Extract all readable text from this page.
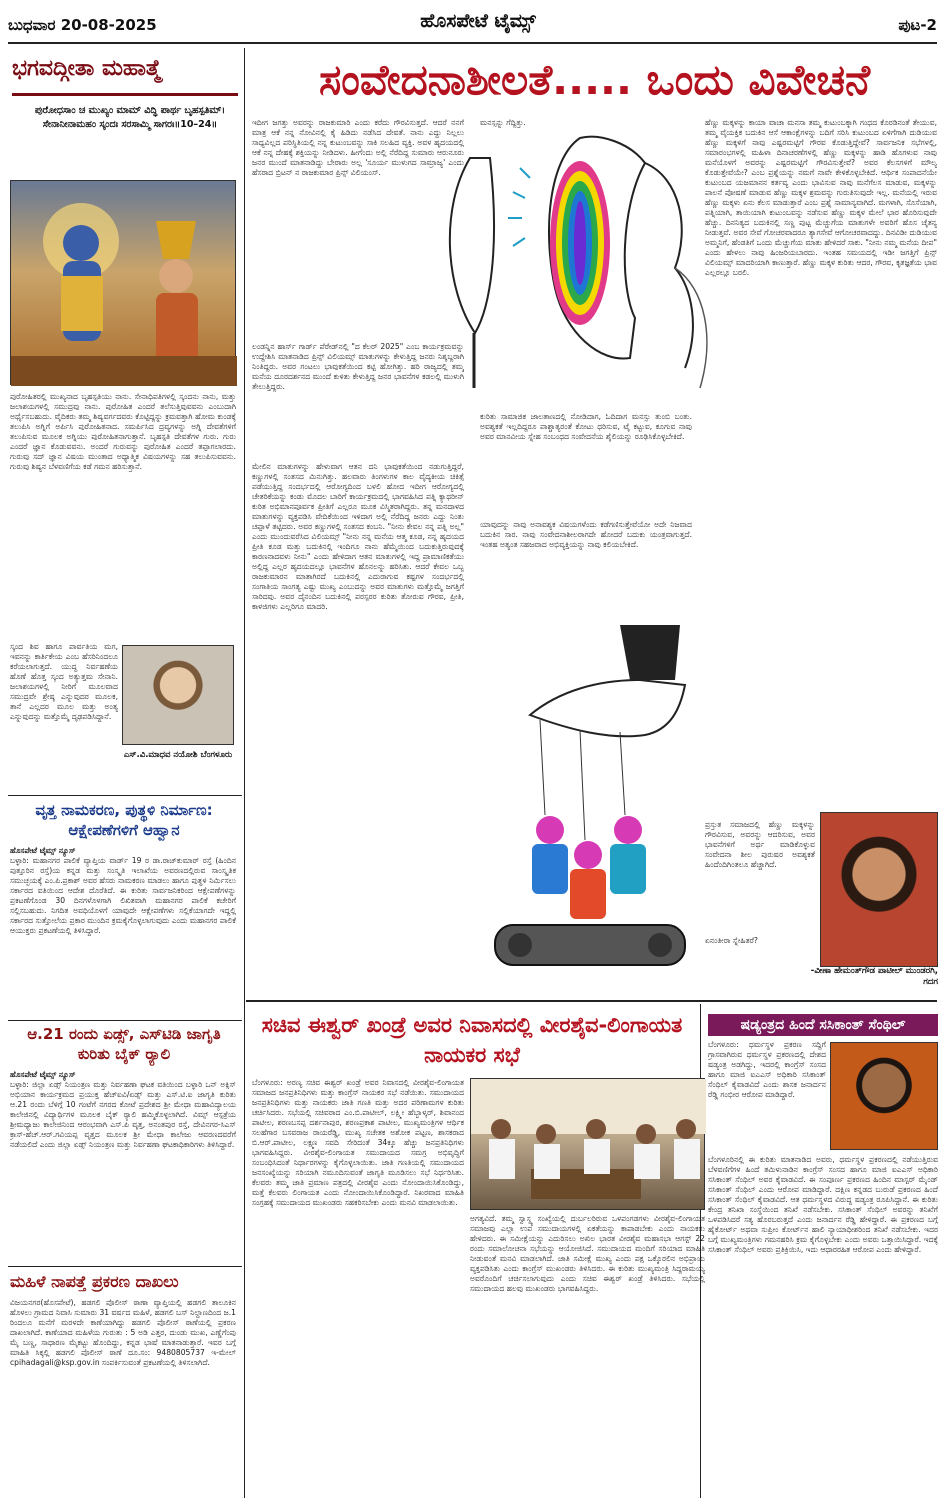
ಬುಧವಾರ 20-08-2025	ಹೊಸಪೇಟೆ ಟೈಮ್ಸ್	ಪುಟ-2
ಭಗವದ್ಗೀತಾ ಮಹಾತ್ಮೆ
ಪುರೋಧಸಾಂ ಚ ಮುಖ್ಯಂ ಮಾಮ್ ವಿದ್ಧಿ ಪಾರ್ಥ ಬೃಹಸ್ಪತಿಮ್। ಸೇನಾನೀನಾಮಹಂ ಸ್ಕಂದಃ ಸರಸಾಮ್ಮಿ ಸಾಗರಃ॥10–24॥
ಪುರೋಹಿತರಲ್ಲಿ ಮುಖ್ಯನಾದ ಬೃಹಸ್ಪತಿಯು ನಾನು. ಸೇನಾಧಿಪತಿಗಳಲ್ಲಿ ಸ್ಕಂದನು ನಾನು, ಮತ್ತು ಜಲಾಶಯಗಳಲ್ಲಿ ಸಮುದ್ರವು ನಾನು. ಪುರೋಹಿತ ಎಂದರೆ ತಲೆಸುತ್ತಿವುವವನು ಎಂಬುದಾಗಿ ಅರ್ಥೈಸಬಹುದು. ವೈದಿಕರು ತಮ್ಮ ಶಿಷ್ಯವರ್ಗದವರು ಕೊಟ್ಟಿದ್ದನ್ನು ಕ್ರಮವತ್ತಾಗಿ ಹೋಮ ಕುಂಡಕ್ಕೆ ತಲುಪಿಸಿ ಅಗ್ನಿಗೆ ಅರ್ಪಿಸಿ ಪುರೋಹಿತನಾದ. ಸಮರ್ಪಿಸಿದ ದ್ರವ್ಯಗಳನ್ನು ಅಗ್ನಿ ದೇವತೆಗಳಿಗೆ ತಲುಪಿಸುವ ಮೂಲಕ ಅಗ್ನಿಯು ಪುರೋಹಿತನಾಗುತ್ತಾನೆ. ಬೃಹಸ್ಪತಿ ದೇವತೆಗಳ ಗುರು. ಗುರು ಎಂದರೆ ಜ್ಞಾನ ಕೊಡುವವನು. ಅಂದರೆ ಗುರುವನ್ನು ಪುರೋಹಿತ ಎಂದರೆ ತಪ್ಪಾಗಲಾರದು. ಗುರುವು ಸದ್ ಜ್ಞಾನ ವಿಷಯ ಮುಂತಾದ ಅಧ್ಯಾತ್ಮಿಕ ವಿಷಯಗಳನ್ನು ಸಹ ತಲುಪಿಸುವವನು. ಗುರುವು ಶಿಷ್ಯನ ಬೆಳವಣಿಗೆಯ ಕಡೆ ಗಮನ ಹರಿಸುತ್ತಾನೆ.
ಸ್ಕಂದ ಶಿವ ಹಾಗೂ ಪಾರ್ವತಿಯ ಮಗ, ಇವನನ್ನು ಕಾರ್ತಿಕೇಯ ಎಂಬ ಹೆಸರಿನಿಂದಲೂ ಕರೆಯಲಾಗುತ್ತದೆ. ಯುದ್ಧ ನಿರ್ವಹಣೆಯ ಹೊಣೆ ಹೊತ್ತ ಸ್ಕಂದ ಅತ್ಯುತ್ತಮ ಸೇನಾನಿ. ಜಲಾಶಯಗಳಲ್ಲಿ ನೀರಿಗೆ ಮೂಲವಾದ ಸಮುದ್ರವೇ ಶ್ರೇಷ್ಠ ಎನ್ನುವುದರ ಮೂಲಕ, ತಾನೆ ಎಲ್ಲದರ ಮೂಲ ಮತ್ತು ಅಂತ್ಯ ಎನ್ನುವುದನ್ನು ಮತ್ತೊಮ್ಮೆ ದೃಢಪಡಿಸಿದ್ದಾನೆ.
ಎಸ್.ವಿ.ಮಾಧವ ನಯೋಶಿ ಬೆಂಗಳೂರು
ವೃತ್ತ ನಾಮಕರಣ, ಪುತ್ಥಳಿ ನಿರ್ಮಾಣ: ಆಕ್ಷೇಪಣೆಗಳಿಗೆ ಆಹ್ವಾನ
ಹೊಸಪೇಟೆ ಟೈಮ್ಸ್ ನ್ಯೂಸ್
ಬಳ್ಳಾರಿ: ಮಹಾನಗರ ಪಾಲಿಕೆ ವ್ಯಾಪ್ತಿಯ ವಾರ್ಡ್ 19 ರ ಡಾ.ರಾಜ್‌ಕುಮಾರ್ ರಸ್ತೆ (ಹಿಂದಿನ ಪುತ್ತೂರಿನ ರಸ್ತೆ)ಯ ಕನ್ನಡ ಮತ್ತು ಸಂಸ್ಕೃತಿ ಇಲಾಖೆಯ ಅವರಣದಲ್ಲಿರುವ ಸಾಂಸ್ಕೃತಿಕ ಸಮುಚ್ಛಯಕ್ಕೆ ಎಂ.ಪಿ.ಪ್ರಕಾಶ್ ಅವರ ಹೆಸರು ನಾಮಕರಣ ಮಾಡಲು ಹಾಗೂ ಪುತ್ಥಳಿ ನಿರ್ಮಿಸಲು ಸರ್ಕಾರದ ವತಿಯಿಂದ ಆದೇಶ ದೊರೆತಿದೆ. ಈ ಕುರಿತು ಸಾರ್ವಜನಿಕರಿಂದ ಆಕ್ಷೇಪಣೆಗಳನ್ನು ಪ್ರಕಟಣೆಗೊಂಡ 30 ದಿನಗಳೊಳಗಾಗಿ ಲಿಖಿತವಾಗಿ ಮಹಾನಗರ ಪಾಲಿಕೆ ಕಚೇರಿಗೆ ಸಲ್ಲಿಸಬಹುದು. ನಿಗದಿತ ಅವಧಿಯೊಳಗೆ ಯಾವುದೇ ಆಕ್ಷೇಪಣೆಗಳು ಸಲ್ಲಿಕೆಯಾಗದೇ ಇದ್ದಲ್ಲಿ ಸರ್ಕಾರದ ಸುತ್ತೋಲೆಯ ಪ್ರಕಾರ ಮುಂದಿನ ಕ್ರಮಕೈಗೊಳ್ಳಲಾಗುವುದು ಎಂದು ಮಹಾನಗರ ಪಾಲಿಕೆ ಆಯುಕ್ತರು ಪ್ರಕಟಣೆಯಲ್ಲಿ ತಿಳಿಸಿದ್ದಾರೆ.
ಆ.21 ರಂದು ಏಡ್ಸ್, ಎಸ್‌ಟಿಡಿ ಜಾಗೃತಿ ಕುರಿತು ಬೈಕ್ ರ್‍ಯಾಲಿ
ಹೊಸಪೇಟೆ ಟೈಮ್ಸ್ ನ್ಯೂಸ್
ಬಳ್ಳಾರಿ: ಜಿಲ್ಲಾ ಏಡ್ಸ್ ನಿಯಂತ್ರಣ ಮತ್ತು ನಿರ್ವಹಣಾ ಘಟಕ ವತಿಯಿಂದ ಬಳ್ಳಾರಿ ಒನ್ ಅಕ್ಸಿಸ್ ಅಭಿಯಾನ ಕಾರ್ಯಕ್ರಮದ ಪ್ರಯುಕ್ತ ಹೆಚ್‌ಐವಿ/ಏಡ್ಸ್ ಮತ್ತು ಎಸ್.ಟಿ.ಐ ಜಾಗೃತಿ ಕುರಿತು ಆ.21 ರಂದು ಬೆಳಿಗ್ಗೆ 10 ಗಂಟೆಗೆ ನಗರದ ಕೋಟೆ ಪ್ರದೇಶದ ಶ್ರೀ ಮೇಧಾ ಮಹಾವಿದ್ಯಾಲಯ ಕಾಲೇಜಿನಲ್ಲಿ ವಿದ್ಯಾರ್ಥಿಗಳ ಮೂಲಕ ಬೈಕ್ ರ್‍ಯಾಲಿ ಹಮ್ಮಿಕೊಳ್ಳಲಾಗಿದೆ. ವಿಮ್ಸ್ ಆಸ್ಪತ್ರೆಯ ಶ್ರೀಮಧ್ಯಾಜು ಕಾಲೇಜಿನಿಂದ ಆರಂಭವಾಗಿ ಎಸ್.ಪಿ ವೃತ್ತ, ಅನಂತಪುರ ರಸ್ತೆ, ದೇವಿನಗರ-ಸಿಎಸ್ ಕ್ರಾಸ್-ಹೆಚ್.ಆರ್.ಗವಿಯಪ್ಪ ವೃತ್ತದ ಮೂಲಕ ಶ್ರೀ ಮೇಧಾ ಕಾಲೇಜು ಆವರಣದವರೆಗೆ ನಡೆಯಲಿದೆ ಎಂದು ಜಿಲ್ಲಾ ಏಡ್ಸ್ ನಿಯಂತ್ರಣ ಮತ್ತು ನಿರ್ವಹಣಾ ಘಟಕಾಧಿಕಾರಿಗಳು ತಿಳಿಸಿದ್ದಾರೆ.
ಮಹಿಳೆ ನಾಪತ್ತೆ ಪ್ರಕರಣ ದಾಖಲು
ವಿಜಯನಗರ(ಹೊಸಪೇಟೆ), ಹಡಗಲಿ ಪೊಲೀಸ್ ಠಾಣಾ ವ್ಯಾಪ್ತಿಯಲ್ಲಿ ಹಡಗಲಿ ತಾಲೂಕಿನ ಹೊಳಲು ಗ್ರಾಮದ ನಿವಾಸಿ ಸುಮಾರು 31 ವರ್ಷದ ಮಹಿಳೆ, ಹಡಗಲಿ ಬಸ್ ನಿಲ್ದಾಣದಿಂದ ಜ.1 ರಿಂದಲೂ ಮನೆಗೆ ಮರಳದೇ ಕಾಣೆಯಾಗಿದ್ದು ಹಡಗಲಿ ಪೊಲೀಸ್ ಠಾಣೆಯಲ್ಲಿ ಪ್ರಕರಣ ದಾಖಲಾಗಿದೆ. ಕಾಣೆಯಾದ ಮಹಿಳೆಯ ಗುರುತು : 5 ಅಡಿ ಎತ್ತರ, ದುಂಡು ಮುಖ, ಎಣ್ಣೆಗೆಂಪು ಮೈ ಬಣ್ಣ, ಸಾಧಾರಣ ಮೈಕಟ್ಟು ಹೊಂದಿದ್ದು, ಕನ್ನಡ ಭಾಷೆ ಮಾತನಾಡುತ್ತಾರೆ. ಇವರ ಬಗ್ಗೆ ಮಾಹಿತಿ ಸಿಕ್ಕಲ್ಲಿ ಹಡಗಲಿ ಪೊಲೀಸ್ ಠಾಣೆ ದೂ.ಸಂ: 9480805737 ಇ-ಮೇಲ್ cpihadagali@ksp.gov.in ಸಂಪರ್ಕಿಸುವಂತೆ ಪ್ರಕಟಣೆಯಲ್ಲಿ ತಿಳಿಸಲಾಗಿದೆ.
ಸಂವೇದನಾಶೀಲತೆ..... ಒಂದು ವಿವೇಚನೆ
ಇದೀಗ ಜಗತ್ತು ಅವರನ್ನು ರಾಜಕುಮಾರಿ ಎಂದು ಕರೆದು ಗೌರವಿಸುತ್ತದೆ. ಆದರೆ ನನಗೆ ಮಾತ್ರ ಆಕೆ ನನ್ನ ನೋವಿನಲ್ಲಿ ಕೈ ಹಿಡಿದು ನಡೆಸಿದ ದೇವತೆ. ನಾನು ಎದ್ದು ನಿಲ್ಲಲು ಸಾಧ್ಯವಿಲ್ಲದ ಪರಿಸ್ಥಿತಿಯಲ್ಲಿ ನನ್ನ ಕುಟುಂಬವನ್ನು ಸಾಕಿ ಸಲಹಿದ ವ್ಯಕ್ತಿ. ಅವಳ ಹೃದಯದಲ್ಲಿ ಆಕೆ ನನ್ನ ದೇಹಕ್ಕೆ ಶಕ್ತಿಯನ್ನು ನೀಡಿದಳು. ಹೀಗೆಂದು ಅಲ್ಲಿ ನೆರೆದಿದ್ದ ಸುಮಾರು ಆರುನೂರು ಜನರ ಮುಂದೆ ಮಾತನಾಡಿದ್ದು ಬೇರಾರು ಅಲ್ಲ 'ಸೂರ್ಯ ಮುಳುಗದ ಸಾಮ್ರಾಜ್ಯ' ಎಂದು ಹೆಸರಾದ ಬ್ರಿಟನ್ ನ ರಾಜಕುಮಾರ ಪ್ರಿನ್ಸ್ ವಿಲಿಯಂಸ್.
ಲಂಡನ್ನಿನ ಹಾರ್ಸ್ ಗಾರ್ಡ್ ಪೆರೇಡ್‌ನಲ್ಲಿ "ದ ಕೆಲರ್ 2025" ಎಂಬ ಕಾರ್ಯಕ್ರಮವನ್ನು ಉದ್ದೇಶಿಸಿ ಮಾತನಾಡಿದ ಪ್ರಿನ್ಸ್ ವಿಲಿಯಮ್ಸ್ ಮಾತುಗಳನ್ನು ಕೇಳುತ್ತಿದ್ದ ಜನರು ನಿಶ್ಶಬ್ದರಾಗಿ ನಿಂತಿದ್ದರು. ಅವರ ಗಂಟಲು ಭಾವುಕತೆಯಿಂದ ಕಟ್ಟಿ ಹೋಗಿತ್ತು. ಹರಿ ರಾಜ್ಯದಲ್ಲಿ ತಮ್ಮ ಮನೆಯ ದೂರದರ್ಶನದ ಮುಂದೆ ಕುಳಿತು ಕೇಳುತ್ತಿದ್ದ ಜನರ ಭಾವನೆಗಳ ಕಡಲಲ್ಲಿ ಮುಳುಗಿ ತೇಲುತ್ತಿದ್ದರು.
ಮನಸ್ಸನ್ನು ಗೆದ್ದಿತ್ತು.
ಮೇಲಿನ ಮಾತುಗಳನ್ನು ಹೇಳುವಾಗ ಆತನ ದನಿ ಭಾವುಕತೆಯಿಂದ ನಡುಗುತ್ತಿದ್ದರೆ, ಕಣ್ಣುಗಳಲ್ಲಿ ಸಂತಸದ ಮಿನುಗಿತ್ತು. ಹಲವಾರು ತಿಂಗಳುಗಳ ಕಾಲ ವೈದ್ಯಕೀಯ ಚಿಕಿತ್ಸೆ ಪಡೆಯುತ್ತಿದ್ದ ಸಂದರ್ಭದಲ್ಲಿ ಆರೋಗ್ಯದಿಂದ ಬಳಲಿ ಹೋದ ಇದೀಗ ಆರೋಗ್ಯದಲ್ಲಿ ಚೇತರಿಕೆಯನ್ನು ಕಂಡು ಮೊದಲ ಬಾರಿಗೆ ಕಾರ್ಯಕ್ರಮದಲ್ಲಿ ಭಾಗವಹಿಸಿದ ಪತ್ನಿ ಕ್ಯಾಥರೀನ್ ಕುರಿತ ಅಭಿಮಾನಪೂರ್ವಕ ಪ್ರೀತಿಗೆ ಎಲ್ಲರೂ ಮೂಕ ವಿಸ್ಮಿತರಾಗಿದ್ದರು. ತನ್ನ ಮನದಾಳದ ಮಾತುಗಳನ್ನು ವ್ಯಕ್ತಪಡಿಸಿ ವೇದಿಕೆಯಿಂದ ಇಳಿದಾಗ ಅಲ್ಲಿ ನೆರೆದಿದ್ದ ಜನರು ಎದ್ದು ನಿಂತು ಚಪ್ಪಾಳೆ ತಟ್ಟಿದರು. ಅವರ ಕಣ್ಣುಗಳಲ್ಲಿ ಸಂತಸದ ಕಂಬನಿ. "ನೀನು ಕೇವಲ ನನ್ನ ಪತ್ನಿ ಅಲ್ಲ" ಎಂದು ಮುಂದುವರೆಸಿದ ವಿಲಿಯಮ್ಸ್ "ನೀನು ನನ್ನ ಮನೆಯ ಆತ್ಮ ಕೂಡ, ನನ್ನ ಹೃದಯದ ಪ್ರೀತಿ ಕೂಡ ಮತ್ತು ಬದುಕಿನಲ್ಲಿ ಇಂದಿಗೂ ನಾನು ಹೆಮ್ಮೆಯಿಂದ ಬದುಕುತ್ತಿರುವುದಕ್ಕೆ ಕಾರಣನಾದವಳು ನೀನು" ಎಂದು ಹೇಳಿದಾಗ ಆತನ ಮಾತುಗಳಲ್ಲಿ ಇದ್ದ ಪ್ರಾಮಾಣಿಕತೆಯು ಅಲ್ಲಿದ್ದ ಎಲ್ಲರ ಹೃದಯದಲ್ಲೂ ಭಾವನೆಗಳ ಹೊನಲನ್ನು ಹರಿಸಿತು. ಆದರೆ ಕೇವಲ ಒಬ್ಬ ರಾಜಕುಮಾರನ ಮಾತಾಗಿರದೆ ಬದುಕಿನಲ್ಲಿ ಎದುರಾಗುವ ಕಷ್ಟಗಳ ಸಂದರ್ಭದಲ್ಲಿ ಸಂಗಾತಿಯ ಸಾಂಗತ್ಯ ಎಷ್ಟು ಮುಖ್ಯ ಎಂಬುದನ್ನು ಅವರ ಮಾತುಗಳು ಮತ್ತೊಮ್ಮೆ ಜಗತ್ತಿಗೆ ಸಾರಿದವು. ಅವರ ದೈನಂದಿನ ಬದುಕಿನಲ್ಲಿ ಪರಸ್ಪರರ ಕುರಿತು ತೋರುವ ಗೌರವ, ಪ್ರೀತಿ, ಕಾಳಜಿಗಳು ಎಲ್ಲರಿಗೂ ಮಾದರಿ.
ಕುರಿತು ಸಾಮಾಜಿಕ ಜಾಲತಾಣದಲ್ಲಿ ನೋಡಿದಾಗ, ಓದಿದಾಗ ಮನಸ್ಸು ತುಂಬಿ ಬಂತು. ಅವಶ್ಯಕತೆ ಇಲ್ಲದಿದ್ದರೂ ಪಾಶ್ಚಾತ್ಯರಂತೆ ಕೋಟು ಧರಿಸುವ, ಟೈ ಕಟ್ಟುವ, ಕೂಗುವ ನಾವು ಅವರ ಮಾನವೀಯ ಸ್ನೇಹ ಸಂಬಂಧದ ಸಂವೇದನೆಯ ಶೈಲಿಯನ್ನು ರೂಢಿಸಿಕೊಳ್ಳಬೇಕಿದೆ.
ಯಾವುದನ್ನು ನಾವು ಅನಾವಶ್ಯಕ ವಿಷಯಗಳೆಂದು ಕಡೆಗಣಿಸುತ್ತೇವೆಯೋ ಅದೇ ನಿಜವಾದ ಬದುಕಿನ ಸಾರ. ನಾವು ಸಂವೇದನಾಶೀಲರಾಗದೇ ಹೋದರೆ ಬದುಕು ಯಂತ್ರವಾಗುತ್ತದೆ. ಇಂತಹ ಅತ್ಯಂತ ಸಹಜವಾದ ಅಭಿವ್ಯಕ್ತಿಯನ್ನು ನಾವು ಕಲಿಯಬೇಕಿದೆ.
ಹೆಣ್ಣು ಮಕ್ಕಳನ್ನು ಕಾಯಾ ವಾಚಾ ಮನಸಾ ತಮ್ಮ ಕುಟುಂಬಕ್ಕಾಗಿ ಗಂಧದ ಕೊರಡಿನಂತೆ ತೇಯುವ, ತಮ್ಮ ವೈಯಕ್ತಿಕ ಬದುಕಿನ ಆಸೆ ಆಕಾಂಕ್ಷೆಗಳನ್ನು ಬದಿಗೆ ಸರಿಸಿ ಕುಟುಂಬದ ಏಳಿಗೆಗಾಗಿ ದುಡಿಯುವ ಹೆಣ್ಣು ಮಕ್ಕಳಿಗೆ ನಾವು ಎಷ್ಟರಮಟ್ಟಿಗೆ ಗೌರವ ಕೊಡುತ್ತಿದ್ದೇವೆ? ಸಾರ್ವಜನಿಕ ಸಭೆಗಳಲ್ಲಿ, ಸಮಾರಂಭಗಳಲ್ಲಿ ಮಹಿಳಾ ದಿನಾಚರಣೆಗಳಲ್ಲಿ ಹೆಣ್ಣು ಮಕ್ಕಳನ್ನು ಹಾಡಿ ಹೊಗಳುವ ನಾವು ಮನೆಯೊಳಗೆ ಅವರನ್ನು ಎಷ್ಟರಮಟ್ಟಿಗೆ ಗೌರವಿಸುತ್ತೇವೆ? ಅವರ ಕೆಲಸಗಳಿಗೆ ಮೌಲ್ಯ ಕೊಡುತ್ತೇವೆಯೇ? ಎಂಬ ಪ್ರಶ್ನೆಯನ್ನು ನಮಗೆ ನಾವೇ ಕೇಳಿಕೊಳ್ಳಬೇಕಿದೆ. ಆರ್ಥಿಕ ಸಂಪಾದನೆಯೇ ಕುಟುಂಬದ ಯಜಮಾನನ ಕರ್ತವ್ಯ ಎಂದು ಭಾವಿಸುವ ನಾವು ಮನೆಗೆಲಸ ಮಾಡುವ, ಮಕ್ಕಳನ್ನು ಪಾಲನೆ ಪೋಷಣೆ ಮಾಡುವ ಹೆಣ್ಣು ಮಕ್ಕಳ ಶ್ರಮವನ್ನು ಗುರುತಿಸುವುದೇ ಇಲ್ಲ. ಮನೆಯಲ್ಲಿ ಇರುವ ಹೆಣ್ಣು ಮಕ್ಕಳು ಏನು ಕೆಲಸ ಮಾಡುತ್ತಾರೆ ಎಂಬ ಪ್ರಶ್ನೆ ಸಾಮಾನ್ಯವಾಗಿದೆ. ಮಗಳಾಗಿ, ಸೊಸೆಯಾಗಿ, ಪತ್ನಿಯಾಗಿ, ತಾಯಿಯಾಗಿ ಕುಟುಂಬವನ್ನು ನಡೆಸುವ ಹೆಣ್ಣು ಮಕ್ಕಳ ಮೇಲೆ ಭಾರ ಹೊರಿಸುವುದೇ ಹೆಚ್ಚು. ದಿನನಿತ್ಯದ ಬದುಕಿನಲ್ಲಿ ಸಣ್ಣ ಪುಟ್ಟ ಮೆಚ್ಚುಗೆಯ ಮಾತುಗಳೇ ಅವರಿಗೆ ಹೊಸ ಚೈತನ್ಯ ನೀಡುತ್ತವೆ. ಅವರ ಸೇವೆ ಗೋಚರವಾದರೂ ತ್ಯಾಗಸೇವೆ ಆಗೋಚರವಾದದ್ದು. ದಿನವಿಡೀ ದುಡಿಯುವ ಅಮ್ಮನಿಗೆ, ಹೆಂಡತಿಗೆ ಒಂದು ಮೆಚ್ಚುಗೆಯ ಮಾತು ಹೇಳಿದರೆ ಸಾಕು. "ನೀನು ನಮ್ಮ ಮನೆಯ ದೀಪ" ಎಂದು ಹೇಳಲು ನಾವು ಹಿಂಜರಿಯಬಾರದು. ಇಂತಹ ಸಮಯದಲ್ಲಿ ಇಡೀ ಜಗತ್ತಿಗೆ ಪ್ರಿನ್ಸ್ ವಿಲಿಯಮ್ಸ್ ಮಾದರಿಯಾಗಿ ಕಾಣುತ್ತಾರೆ. ಹೆಣ್ಣು ಮಕ್ಕಳ ಕುರಿತು ಆದರ, ಗೌರವ, ಕೃತಜ್ಞತೆಯ ಭಾವ ಎಲ್ಲರಲ್ಲೂ ಬರಲಿ.
ಪ್ರಸ್ತುತ ಸಮಾಜದಲ್ಲಿ ಹೆಣ್ಣು ಮಕ್ಕಳನ್ನು ಗೌರವಿಸುವ, ಅವರನ್ನು ಆದರಿಸುವ, ಅವರ ಭಾವನೆಗಳಿಗೆ ಅರ್ಥ ಮಾಡಿಕೊಳ್ಳುವ ಸಂವೇದನಾ ಶೀಲ ಪುರುಷರ ಅವಶ್ಯಕತೆ ಹಿಂದೆಂದಿಗಿಂತಲೂ ಹೆಚ್ಚಾಗಿದೆ.
ಏನಂತೀರಾ ಸ್ನೇಹಿತರೆ?
-ವೀಣಾ ಹೇಮಂತ್‌ಗೌಡ ಪಾಟೀಲ್ ಮುಂಡರಗಿ, ಗದಗ
ಸಚಿವ ಈಶ್ವರ್ ಖಂಡ್ರೆ ಅವರ ನಿವಾಸದಲ್ಲಿ ವೀರಶೈವ-ಲಿಂಗಾಯತ ನಾಯಕರ ಸಭೆ
ಬೆಂಗಳೂರು: ಅರಣ್ಯ ಸಚಿವ ಈಶ್ವರ್ ಖಂಡ್ರೆ ಅವರ ನಿವಾಸದಲ್ಲಿ ವೀರಶೈವ-ಲಿಂಗಾಯತ ಸಮಾಜದ ಜನಪ್ರತಿನಿಧಿಗಳು ಮತ್ತು ಕಾಂಗ್ರೆಸ್ ನಾಯಕರ ಸಭೆ ನಡೆಯಿತು. ಸಮುದಾಯದ ಜನಪ್ರತಿನಿಧಿಗಳು ಮತ್ತು ನಾಯಕರು ಜಾತಿ ಗಣತಿ ಮತ್ತು ಅದರ ಪರಿಣಾಮಗಳ ಕುರಿತು ಚರ್ಚಿಸಿದರು. ಸಭೆಯಲ್ಲಿ ಸಚಿವರಾದ ಎಂ.ಬಿ.ಪಾಟೀಲ್, ಲಕ್ಷ್ಮೀ ಹೆಬ್ಬಾಳ್ಕರ್, ಶಿವಾನಂದ ಪಾಟೀಲ, ಶರಣಬಸಪ್ಪ ದರ್ಶನಾಪುರ, ಶರಣಪ್ರಕಾಶ ಪಾಟೀಲ, ಮುಖ್ಯಮಂತ್ರಿಗಳ ಆರ್ಥಿಕ ಸಲಹೆಗಾರ ಬಸವರಾಜ ರಾಯರೆಡ್ಡಿ, ಮುಖ್ಯ ಸಚೇತಕ ಅಶೋಕ ಪಟ್ಟಣ, ಶಾಸಕರಾದ ಬಿ.ಆರ್.ಪಾಟೀಲ, ಲಕ್ಷ್ಮಣ ಸವದಿ ಸೇರಿದಂತೆ 34ಕ್ಕೂ ಹೆಚ್ಚು ಜನಪ್ರತಿನಿಧಿಗಳು ಭಾಗವಹಿಸಿದ್ದರು. ವೀರಶೈವ-ಲಿಂಗಾಯತ ಸಮುದಾಯದ ಸಮಗ್ರ ಅಭಿವೃದ್ಧಿಗೆ ಸಂಬಂಧಿಸಿದಂತೆ ನಿರ್ಧಾರಗಳನ್ನು ಕೈಗೊಳ್ಳಲಾಯಿತು. ಜಾತಿ ಗಣತಿಯಲ್ಲಿ ಸಮುದಾಯದ ಜನಸಂಖ್ಯೆಯನ್ನು ಸರಿಯಾಗಿ ನಮೂದಿಸುವಂತೆ ಜಾಗೃತಿ ಮೂಡಿಸಲು ಸಭೆ ನಿರ್ಧರಿಸಿತು. ಕೆಲವರು ತಮ್ಮ ಜಾತಿ ಪ್ರಮಾಣ ಪತ್ರದಲ್ಲಿ ವೀರಶೈವ ಎಂದು ನೋಂದಾಯಿಸಿಕೊಂಡಿದ್ದು, ಮತ್ತೆ ಕೆಲವರು ಲಿಂಗಾಯತ ಎಂದು ನೋಂದಾಯಿಸಿಕೊಂಡಿದ್ದಾರೆ. ನಿಖರವಾದ ಮಾಹಿತಿ ಸಂಗ್ರಹಕ್ಕೆ ಸಮುದಾಯದ ಮುಖಂಡರು ಸಹಕರಿಸಬೇಕು ಎಂದು ಮನವಿ ಮಾಡಲಾಯಿತು.
ಅಗತ್ಯವಿದೆ. ತಮ್ಮ ಸ್ವಾಸ್ಥ್ಯ ಸಂಖ್ಯೆಯಲ್ಲಿ ದುರ್ಬಲರಿರುವ ಒಳಪಂಗಡಗಳು ವೀರಶೈವ-ಲಿಂಗಾಯತ ಸಮಾಜವು ಎಲ್ಲಾ ಉಪ ಸಮುದಾಯಗಳಲ್ಲಿ ಏಕತೆಯನ್ನು ಕಾಪಾಡಬೇಕು ಎಂದು ನಾಯಕರು ಹೇಳಿದರು. ಈ ಸಮೀಕ್ಷೆಯನ್ನು ಎದುರಿಸಲು ಅಖಿಲ ಭಾರತ ವೀರಶೈವ ಮಹಾಸಭಾ ಆಗಸ್ಟ್ 22 ರಂದು ಸಮಾಲೋಚನಾ ಸಭೆಯನ್ನು ಆಯೋಜಿಸಿದೆ. ಸಮುದಾಯದ ಮಂದಿಗೆ ಸರಿಯಾದ ಮಾಹಿತಿ ನೀಡುವಂತೆ ಮನವಿ ಮಾಡಲಾಗಿದೆ. ಜಾತಿ ಸಮೀಕ್ಷೆ ಮುಖ್ಯ ಎಂದು ಪಕ್ಷ ಒಕ್ಕೊರಲಿನ ಅಭಿಪ್ರಾಯ ವ್ಯಕ್ತಪಡಿಸಿತು ಎಂದು ಕಾಂಗ್ರೆಸ್ ಮುಖಂಡರು ತಿಳಿಸಿದರು. ಈ ಕುರಿತು ಮುಖ್ಯಮಂತ್ರಿ ಸಿದ್ದರಾಮಯ್ಯ ಅವರೊಂದಿಗೆ ಚರ್ಚಿಸಲಾಗುವುದು ಎಂದು ಸಚಿವ ಈಶ್ವರ್ ಖಂಡ್ರೆ ತಿಳಿಸಿದರು. ಸಭೆಯಲ್ಲಿ ಸಮುದಾಯದ ಹಲವು ಮುಖಂಡರು ಭಾಗವಹಿಸಿದ್ದರು.
ಷಡ್ಯಂತ್ರದ ಹಿಂದೆ ಸಸಿಕಾಂತ್ ಸೆಂಥಿಲ್
ಬೆಂಗಳೂರು: ಧರ್ಮಸ್ಥಳ ಪ್ರಕರಣ ಸದ್ದಿಗೆ ಗ್ರಾಸವಾಗಿರುವ ಧರ್ಮಸ್ಥಳ ಪ್ರಕರಣದಲ್ಲಿ ದೇಶದ ಷಡ್ಯಂತ್ರ ಅಡಗಿದ್ದು, ಇದರಲ್ಲಿ ಕಾಂಗ್ರೆಸ್ ಸಂಸದ ಹಾಗೂ ಮಾಜಿ ಐಎಎಸ್ ಅಧಿಕಾರಿ ಸಸಿಕಾಂತ್ ಸೆಂಥಿಲ್ ಕೈವಾಡವಿದೆ ಎಂದು ಶಾಸಕ ಜನಾರ್ದನ ರೆಡ್ಡಿ ಗಂಭೀರ ಆರೋಪ ಮಾಡಿದ್ದಾರೆ.
ಬೆಂಗಳೂರಿನಲ್ಲಿ ಈ ಕುರಿತು ಮಾತನಾಡಿದ ಅವರು, ಧರ್ಮಸ್ಥಳ ಪ್ರಕರಣದಲ್ಲಿ ನಡೆಯುತ್ತಿರುವ ಬೆಳವಣಿಗೆಗಳ ಹಿಂದೆ ತಮಿಳುನಾಡಿನ ಕಾಂಗ್ರೆಸ್ ಸಂಸದ ಹಾಗೂ ಮಾಜಿ ಐಎಎಸ್ ಅಧಿಕಾರಿ ಸಸಿಕಾಂತ್ ಸೆಂಥಿಲ್ ಅವರ ಕೈವಾಡವಿದೆ. ಈ ಸಂಪೂರ್ಣ ಪ್ರಕರಣದ ಹಿಂದಿನ ಮಾಸ್ಟರ್ ಮೈಂಡ್ ಸಸಿಕಾಂತ್ ಸೆಂಥಿಲ್ ಎಂದು ಆರೋಪ ಮಾಡಿದ್ದಾರೆ. ದಕ್ಷಿಣ ಕನ್ನಡದ ಬುರುಡೆ ಪ್ರಕರಣದ ಹಿಂದೆ ಸಸಿಕಾಂತ್ ಸೆಂಥಿಲ್ ಕೈವಾಡವಿದೆ. ಆತ ಧರ್ಮಸ್ಥಳದ ವಿರುದ್ಧ ಷಡ್ಯಂತ್ರ ರೂಪಿಸಿದ್ದಾನೆ. ಈ ಕುರಿತು ಕೇಂದ್ರ ತನಿಖಾ ಸಂಸ್ಥೆಯಿಂದ ತನಿಖೆ ನಡೆಸಬೇಕು. ಸಸಿಕಾಂತ್ ಸೆಂಥಿಲ್ ಅವರನ್ನು ತನಿಖೆಗೆ ಒಳಪಡಿಸಿದರೆ ಸತ್ಯ ಹೊರಬರುತ್ತದೆ ಎಂದು ಜನಾರ್ದನ ರೆಡ್ಡಿ ಹೇಳಿದ್ದಾರೆ. ಈ ಪ್ರಕರಣದ ಬಗ್ಗೆ ಹೈಕೋರ್ಟ್ ಅಥವಾ ಸುಪ್ರೀಂ ಕೋರ್ಟ್‌ನ ಹಾಲಿ ನ್ಯಾಯಾಧೀಶರಿಂದ ತನಿಖೆ ನಡೆಸಬೇಕು. ಇದರ ಬಗ್ಗೆ ಮುಖ್ಯಮಂತ್ರಿಗಳು ಗಮನಹರಿಸಿ ಕ್ರಮ ಕೈಗೊಳ್ಳಬೇಕು ಎಂದು ಅವರು ಒತ್ತಾಯಿಸಿದ್ದಾರೆ. ಇದಕ್ಕೆ ಸಸಿಕಾಂತ್ ಸೆಂಥಿಲ್ ಅವರು ಪ್ರತಿಕ್ರಿಯಿಸಿ, ಇದು ಆಧಾರರಹಿತ ಆರೋಪ ಎಂದು ಹೇಳಿದ್ದಾರೆ.
